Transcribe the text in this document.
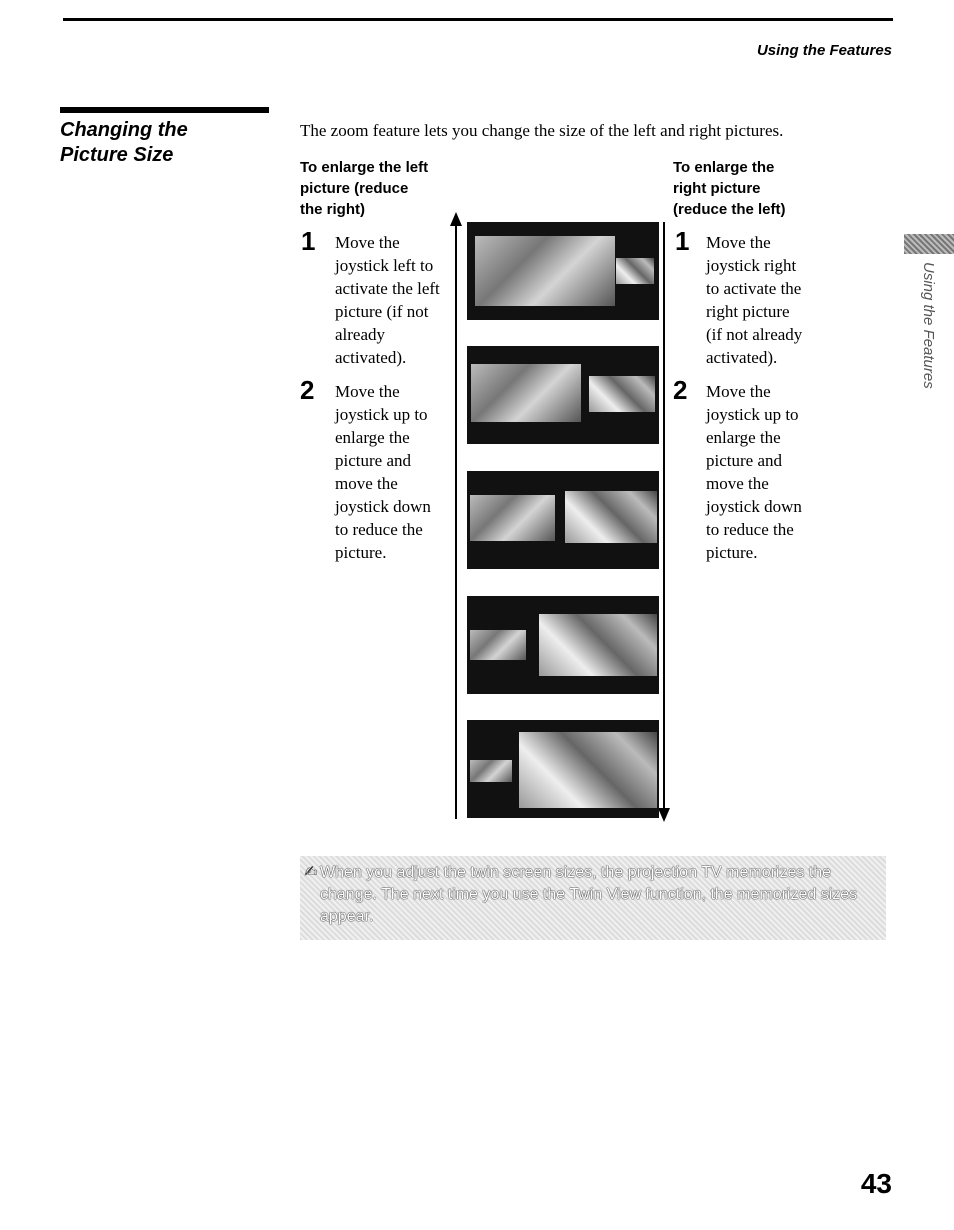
Using the Features
Changing the
Picture Size
The zoom feature lets you change the size of the left and right pictures.
To enlarge the left
picture (reduce
the right)
1 Move the
joystick left to
activate the left
picture (if not
already
activated).
2 Move the
joystick up to
enlarge the
picture and
move the
joystick down
to reduce the
picture.
To enlarge the
right picture
(reduce the left)
1 Move the
joystick right
to activate the
right picture
(if not already
activated).
2 Move the
joystick up to
enlarge the
picture and
move the
joystick down
to reduce the
picture.
✍ When you adjust the twin screen sizes, the projection TV memorizes the change. The next time you use the Twin View function, the memorized sizes appear.
Using the Features
43
